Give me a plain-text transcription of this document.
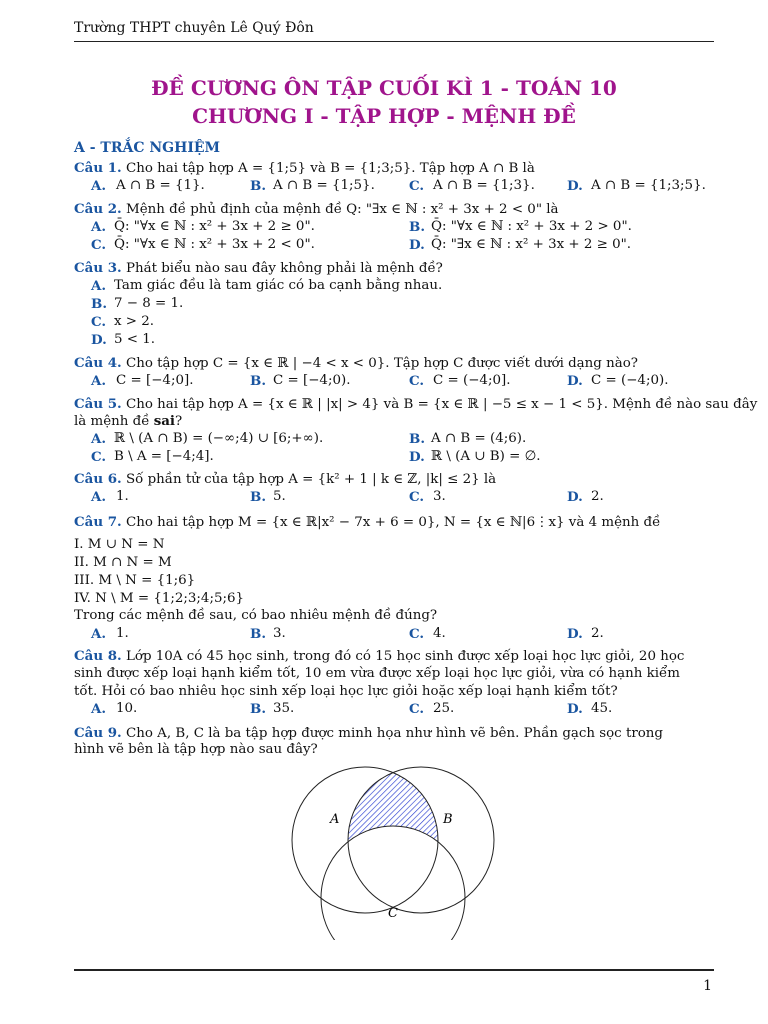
Trường THPT chuyên Lê Quý Đôn
ĐỀ CƯƠNG ÔN TẬP CUỐI KÌ 1 - TOÁN 10
CHƯƠNG I - TẬP HỢP - MỆNH ĐỀ
A - TRẮC NGHIỆM
Câu 1. Cho hai tập hợp A = {1;5} và B = {1;3;5}. Tập hợp A ∩ B là
A. A ∩ B = {1}.	B. A ∩ B = {1;5}.	C. A ∩ B = {1;3}. D. A ∩ B = {1;3;5}.
Câu 2. Mệnh đề phủ định của mệnh đề Q: "∃x ∈ ℕ : x² + 3x + 2 < 0" là
A. Q̄: "∀x ∈ ℕ : x² + 3x + 2 ≥ 0".	B. Q̄: "∀x ∈ ℕ : x² + 3x + 2 > 0".
C. Q̄: "∀x ∈ ℕ : x² + 3x + 2 < 0".	D. Q̄: "∃x ∈ ℕ : x² + 3x + 2 ≥ 0".
Câu 3. Phát biểu nào sau đây không phải là mệnh đề?
A. Tam giác đều là tam giác có ba cạnh bằng nhau.
B. 7 − 8 = 1.
C. x > 2.
D. 5 < 1.
Câu 4. Cho tập hợp C = {x ∈ ℝ | −4 < x < 0}. Tập hợp C được viết dưới dạng nào?
A. C = [−4;0].	B. C = [−4;0).	C. C = (−4;0].	D. C = (−4;0).
Câu 5. Cho hai tập hợp A = {x ∈ ℝ | |x| > 4} và B = {x ∈ ℝ | −5 ≤ x − 1 < 5}. Mệnh đề nào sau đây
là mệnh đề sai?
A. ℝ \ (A ∩ B) = (−∞;4) ∪ [6;+∞).	B. A ∩ B = (4;6).
C. B \ A = [−4;4].	D. ℝ \ (A ∪ B) = ∅.
Câu 6. Số phần tử của tập hợp A = {k² + 1 | k ∈ ℤ, |k| ≤ 2} là
A. 1.	B. 5.	C. 3.	D. 2.
Câu 7. Cho hai tập hợp M = {x ∈ ℝ|x² − 7x + 6 = 0}, N = {x ∈ ℕ|6⋮x} và 4 mệnh đề
I. M ∪ N = N
II. M ∩ N = M
III. M \ N = {1;6}
IV. N \ M = {1;2;3;4;5;6}
Trong các mệnh đề sau, có bao nhiêu mệnh đề đúng?
A. 1.	B. 3.	C. 4.	D. 2.
Câu 8. Lớp 10A có 45 học sinh, trong đó có 15 học sinh được xếp loại học lực giỏi, 20 học
sinh được xếp loại hạnh kiểm tốt, 10 em vừa được xếp loại học lực giỏi, vừa có hạnh kiểm
tốt. Hỏi có bao nhiêu học sinh xếp loại học lực giỏi hoặc xếp loại hạnh kiểm tốt?
A. 10.	B. 35.	C. 25.	D. 45.
Câu 9. Cho A, B, C là ba tập hợp được minh họa như hình vẽ bên. Phần gạch sọc trong
hình vẽ bên là tập hợp nào sau đây?
A	B
C
1
